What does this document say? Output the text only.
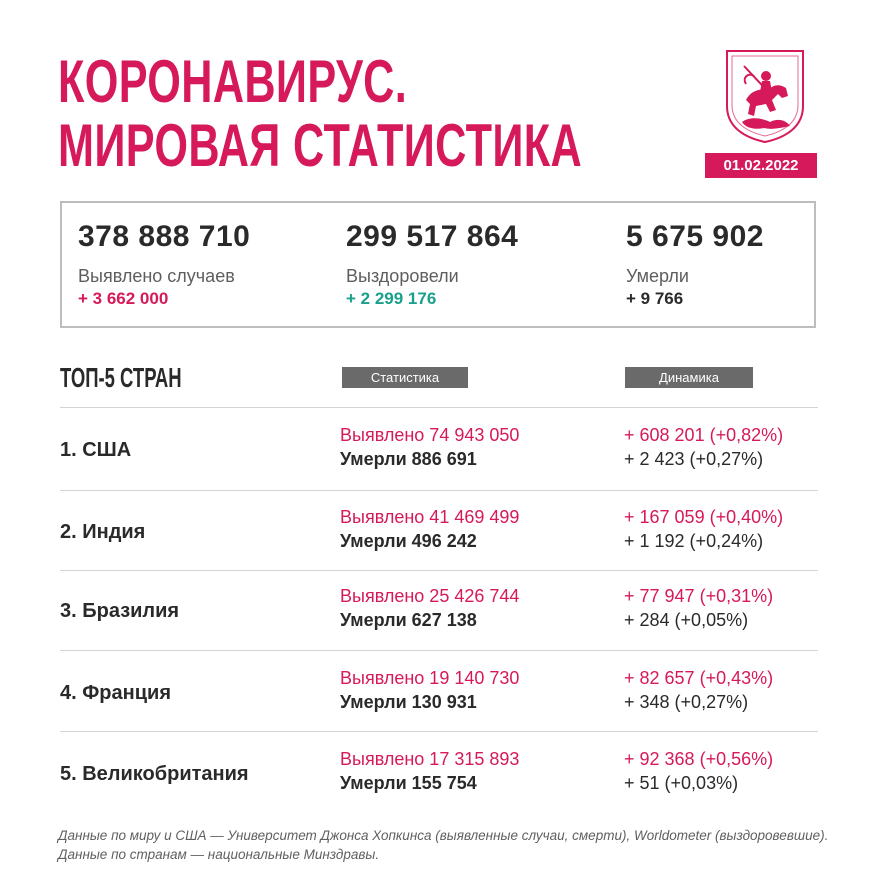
КОРОНАВИРУС.
МИРОВАЯ СТАТИСТИКА	01.02.2022
378 888 710
Выявлено случаев
+ 3 662 000
299 517 864
Выздоровели
+ 2 299 176
5 675 902
Умерли
+ 9 766
ТОП-5 СТРАН	Статистика	Динамика
1. США
Выявлено 74 943 050
Умерли 886 691
+ 608 201 (+0,82%)
+ 2 423 (+0,27%)
2. Индия
Выявлено 41 469 499
Умерли 496 242
+ 167 059 (+0,40%)
+ 1 192 (+0,24%)
3. Бразилия
Выявлено 25 426 744
Умерли 627 138
+ 77 947 (+0,31%)
+ 284 (+0,05%)
4. Франция
Выявлено 19 140 730
Умерли 130 931
+ 82 657 (+0,43%)
+ 348 (+0,27%)
5. Великобритания
Выявлено 17 315 893
Умерли 155 754
+ 92 368 (+0,56%)
+ 51 (+0,03%)
Данные по миру и США — Университет Джонса Хопкинса (выявленные случаи, смерти), Worldometer (выздоровевшие). Данные по странам — национальные Минздравы.
